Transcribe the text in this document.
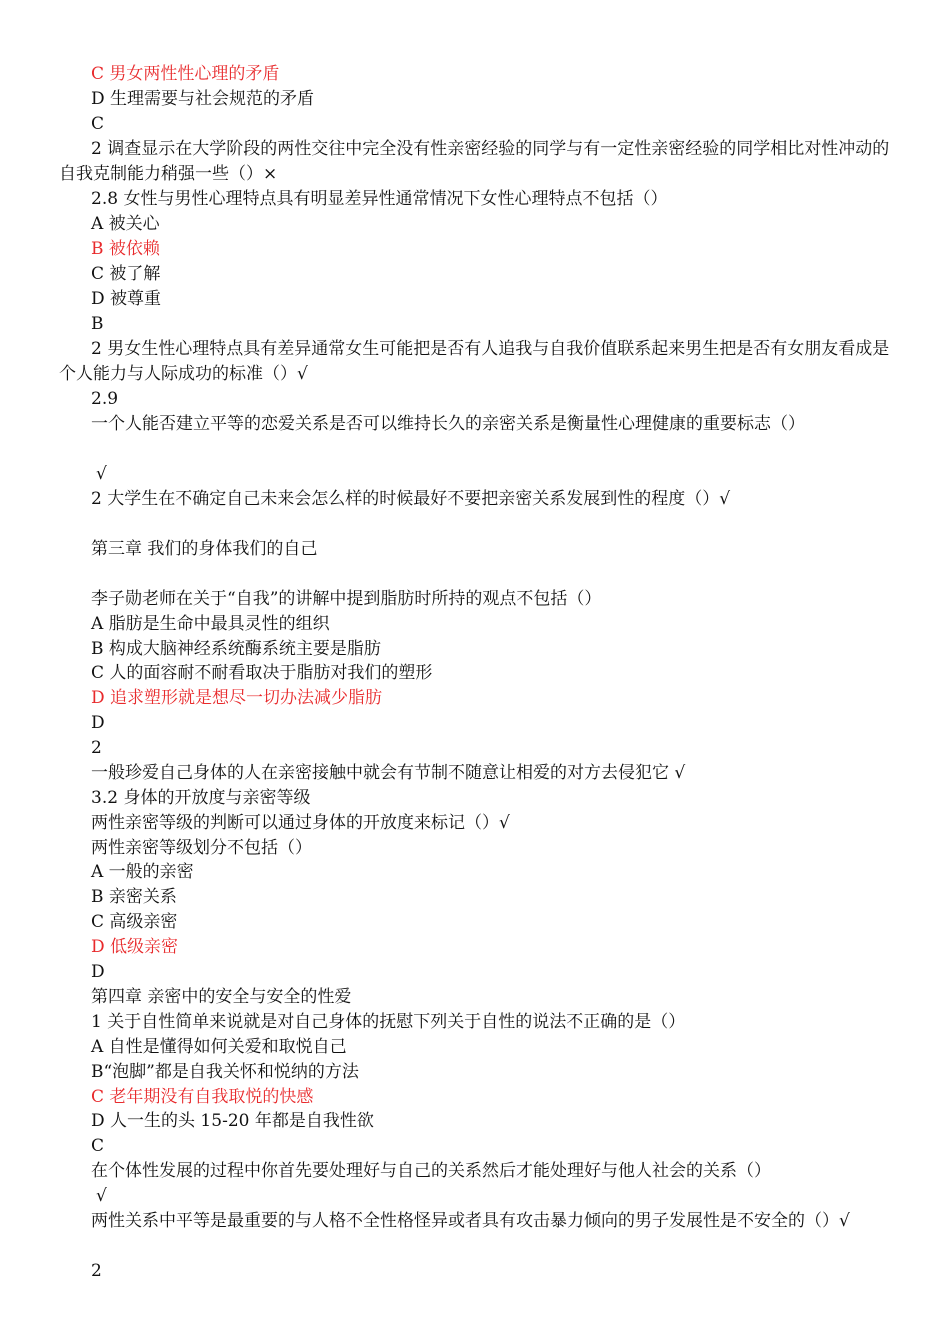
C 男女两性性心理的矛盾
D 生理需要与社会规范的矛盾
C
2 调查显示在大学阶段的两性交往中完全没有性亲密经验的同学与有一定性亲密经验的同学相比对性冲动的自我克制能力稍强一些（）×
2.8 女性与男性心理特点具有明显差异性通常情况下女性心理特点不包括（）
A 被关心
B 被依赖
C 被了解
D 被尊重
B
2 男女生性心理特点具有差异通常女生可能把是否有人追我与自我价值联系起来男生把是否有女朋友看成是个人能力与人际成功的标准（）√
2.9
一个人能否建立平等的恋爱关系是否可以维持长久的亲密关系是衡量性心理健康的重要标志（）
√
2 大学生在不确定自己未来会怎么样的时候最好不要把亲密关系发展到性的程度（）√
第三章 我们的身体我们的自己
李子勋老师在关于“自我”的讲解中提到脂肪时所持的观点不包括（）
A 脂肪是生命中最具灵性的组织
B 构成大脑神经系统酶系统主要是脂肪
C 人的面容耐不耐看取决于脂肪对我们的塑形
D 追求塑形就是想尽一切办法减少脂肪
D
2
一般珍爱自己身体的人在亲密接触中就会有节制不随意让相爱的对方去侵犯它 √
3.2 身体的开放度与亲密等级
两性亲密等级的判断可以通过身体的开放度来标记（）√
两性亲密等级划分不包括（）
A 一般的亲密
B 亲密关系
C 高级亲密
D 低级亲密
D
第四章 亲密中的安全与安全的性爱
1 关于自性简单来说就是对自己身体的抚慰下列关于自性的说法不正确的是（）
A 自性是懂得如何关爱和取悦自己
B“泡脚”都是自我关怀和悦纳的方法
C 老年期没有自我取悦的快感
D 人一生的头 15-20 年都是自我性欲
C
在个体性发展的过程中你首先要处理好与自己的关系然后才能处理好与他人社会的关系（）
√
两性关系中平等是最重要的与人格不全性格怪异或者具有攻击暴力倾向的男子发展性是不安全的（）√
2
